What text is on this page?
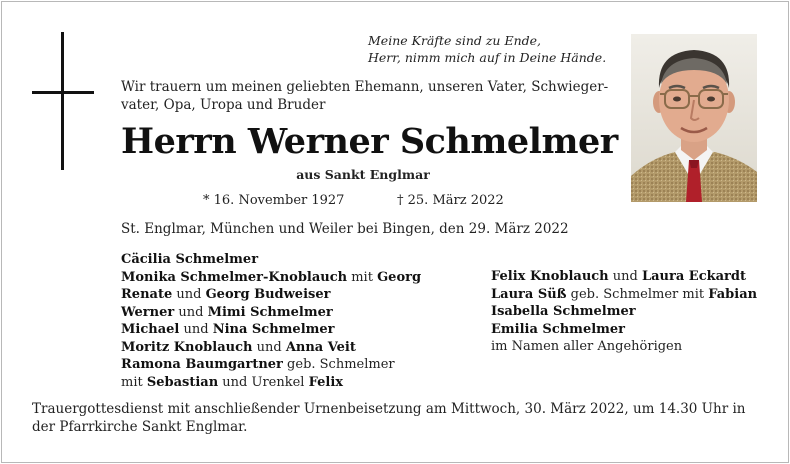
Meine Kräfte sind zu Ende,
Herr, nimm mich auf in Deine Hände.
Wir trauern um meinen geliebten Ehemann, unseren Vater, Schwieger-vater, Opa, Uropa und Bruder
Herrn Werner Schmelmer
aus Sankt Englmar
* 16. November 1927	† 25. März 2022
St. Englmar, München und Weiler bei Bingen, den 29. März 2022
Cäcilia Schmelmer
Monika Schmelmer-Knoblauch mit Georg
Renate und Georg Budweiser
Werner und Mimi Schmelmer
Michael und Nina Schmelmer
Moritz Knoblauch und Anna Veit
Ramona Baumgartner geb. Schmelmer
mit Sebastian und Urenkel Felix
Felix Knoblauch und Laura Eckardt
Laura Süß geb. Schmelmer mit Fabian
Isabella Schmelmer
Emilia Schmelmer
im Namen aller Angehörigen
Trauergottesdienst mit anschließender Urnenbeisetzung am Mittwoch, 30. März 2022, um 14.30 Uhr in der Pfarrkirche Sankt Englmar.
